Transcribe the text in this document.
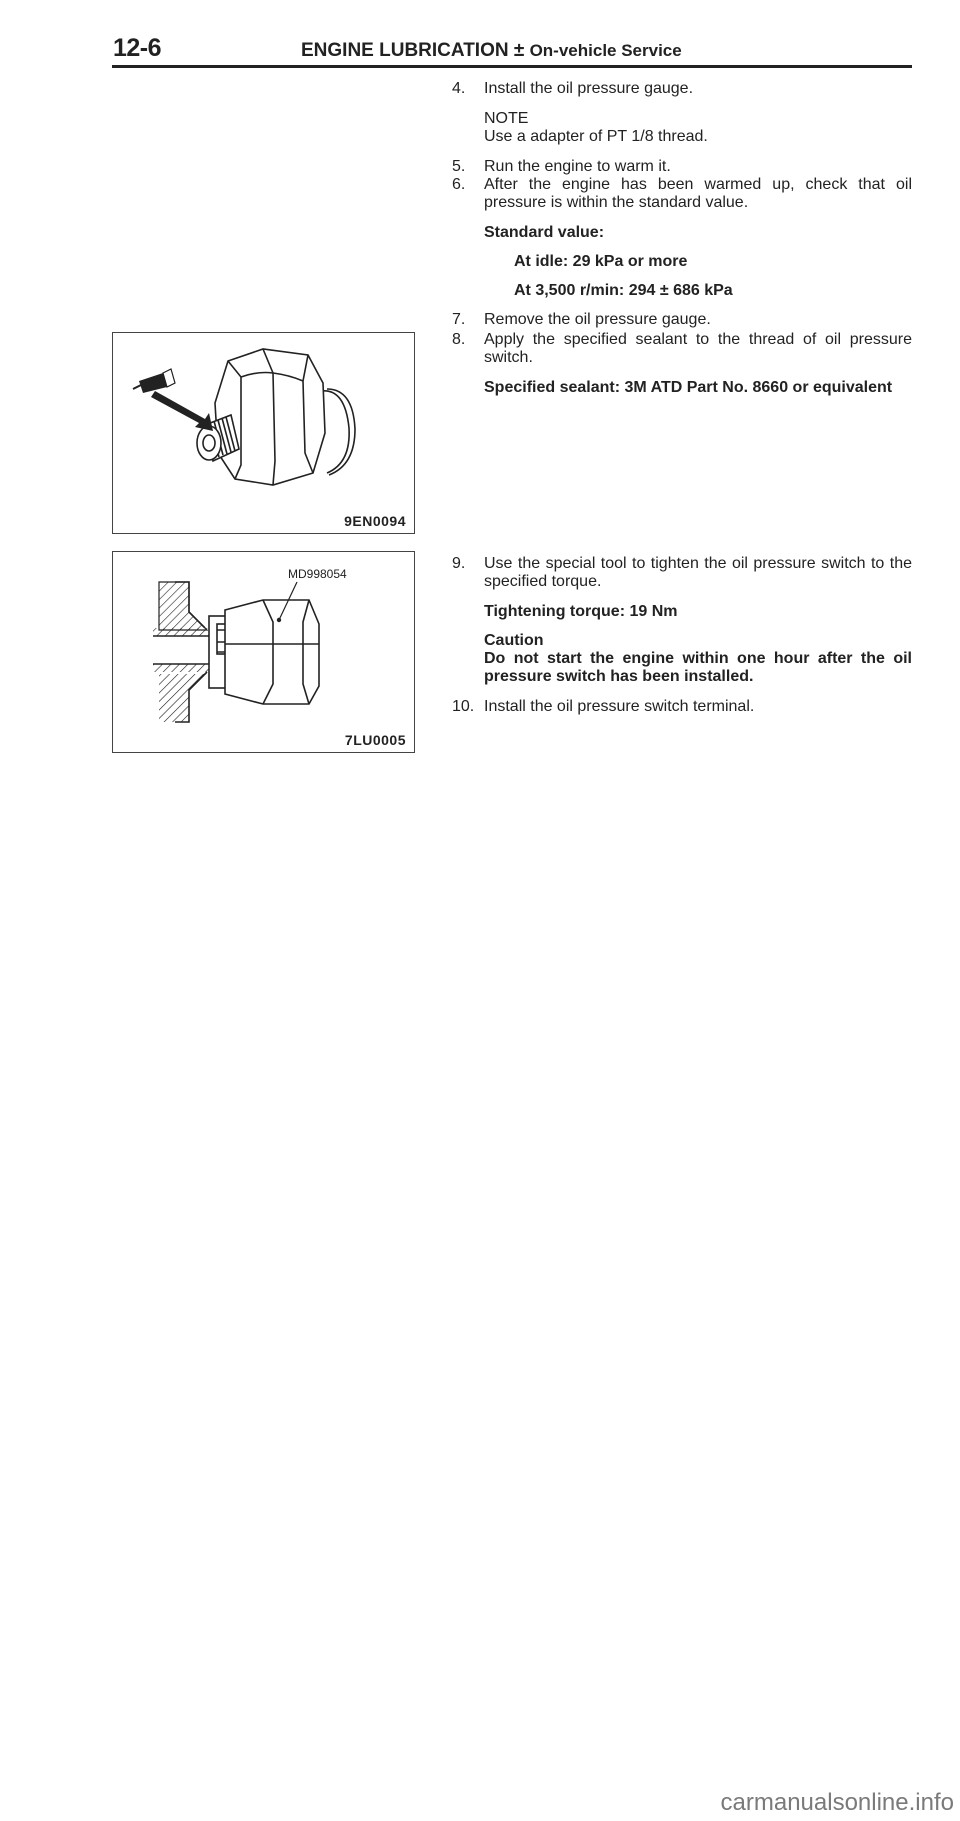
12-6	ENGINE LUBRICATION ± On-vehicle Service
4. Install the oil pressure gauge.
NOTE
Use a adapter of PT 1/8 thread.
5. Run the engine to warm it.
6. After the engine has been warmed up, check that oil pressure is within the standard value.
Standard value:
At idle: 29 kPa or more
At 3,500 r/min: 294 ± 686 kPa
7. Remove the oil pressure gauge.
9EN0094
8. Apply the specified sealant to the thread of oil pressure switch.
Specified sealant: 3M ATD Part No. 8660 or equivalent
MD998054
7LU0005
9. Use the special tool to tighten the oil pressure switch to the specified torque.
Tightening torque: 19 Nm
Caution
Do not start the engine within one hour after the oil pressure switch has been installed.
10. Install the oil pressure switch terminal.
carmanualsonline.info
